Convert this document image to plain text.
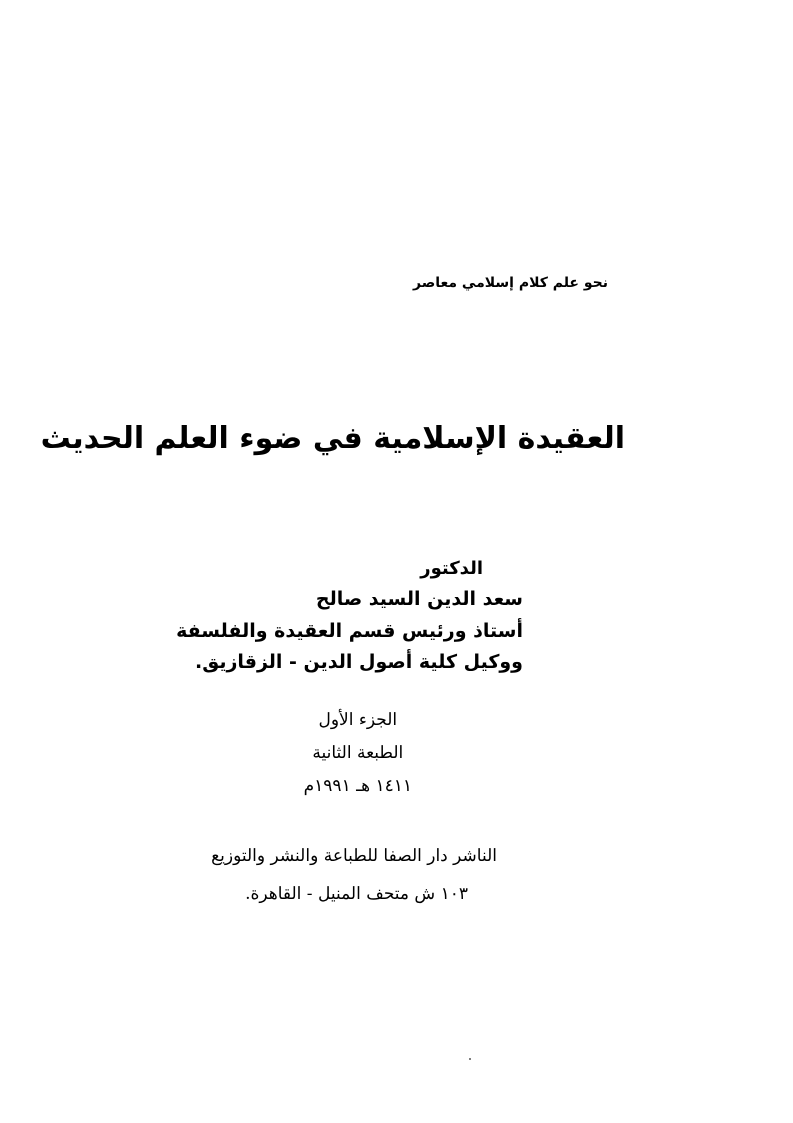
نحو علم كلام إسلامي معاصر
العقيدة الإسلامية في ضوء العلم الحديث
الدكتور
سعد الدين السيد صالح
أستاذ ورئيس قسم العقيدة والفلسفة
ووكيل كلية أصول الدين - الزقازيق.
الجزء الأول
الطبعة الثانية
١٤١١ هـ ١٩٩١م
الناشر دار الصفا للطباعة والنشر والتوزيع
١٠٣ ش متحف المنيل - القاهرة.
